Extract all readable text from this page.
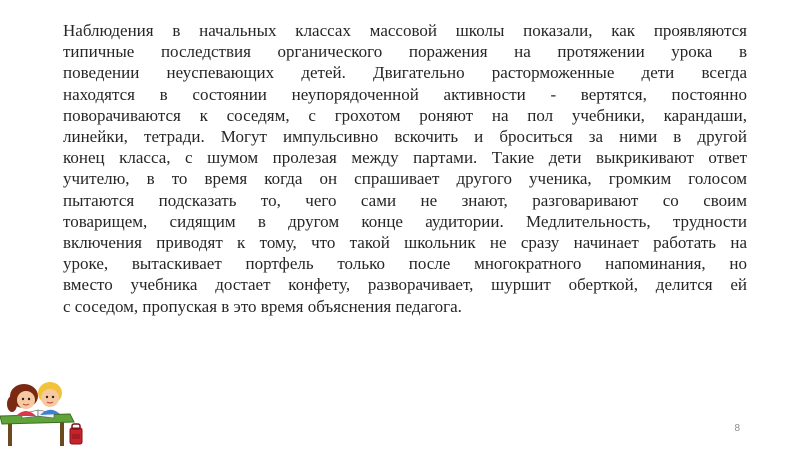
Наблюдения в начальных классах массовой школы показали, как проявляются
типичные последствия органического поражения на протяжении урока в
поведении неуспевающих детей. Двигательно расторможенные дети всегда
находятся в состоянии неупорядоченной активности - вертятся, постоянно
поворачиваются к соседям, с грохотом роняют на пол учебники, карандаши,
линейки, тетради. Могут импульсивно вскочить и броситься за ними в другой
конец класса, с шумом пролезая между партами. Такие дети выкрикивают ответ
учителю, в то время когда он спрашивает другого ученика, громким голосом
пытаются подсказать то, чего сами не знают, разговаривают со своим
товарищем, сидящим в другом конце аудитории. Медлительность, трудности
включения приводят к тому, что такой школьник не сразу начинает работать на
уроке, вытаскивает портфель только после многократного напоминания, но
вместо учебника достает конфету, разворачивает, шуршит оберткой, делится ей
с соседом, пропуская в это время объяснения педагога.
8
